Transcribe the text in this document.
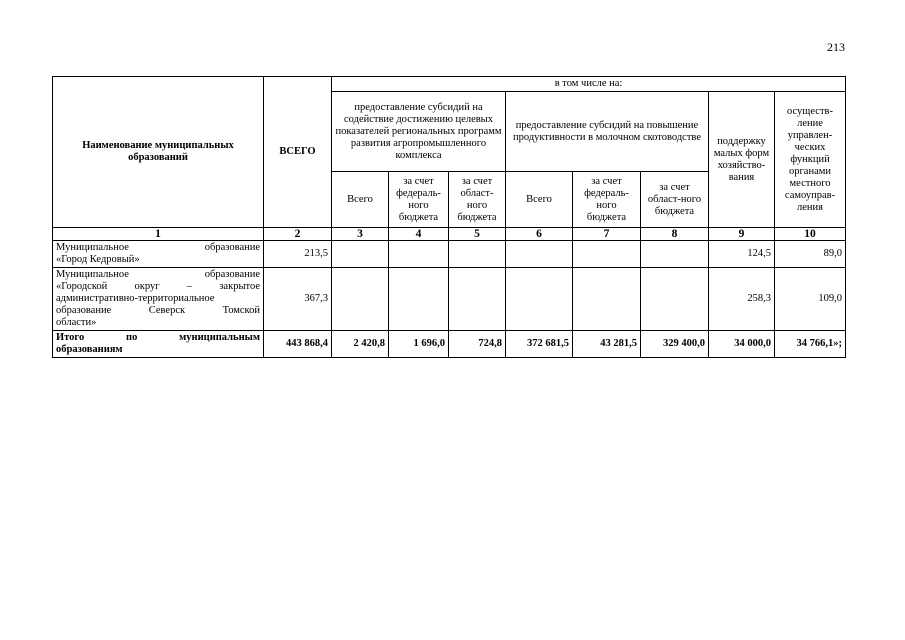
213
Наименование муниципальных образований	ВСЕГО	в том числе на:							
		предоставление субсидий на содействие достижению целевых показателей региональных программ развития агропромышленного комплекса			предоставление субсидий на повышение продуктивности в молочном скотоводстве			поддержку малых форм хозяйство-вания	осуществ-ление управлен-ческих функций органами местного самоуправ-ления
		Всего	за счет федераль-ного бюджета	за счет област-ного бюджета	Всего	за счет федераль-ного бюджета	за счет област-ного бюджета		
1	2	3	4	5	6	7	8	9	10

Муниципальное образование
«Город Кедровый»	213,5							124,5	89,0

Муниципальное образование
«Городской округ – закрытое
административно-территориальное
образование Северск Томской
области»	367,3							258,3	109,0

Итого по муниципальным
образованиям	443 868,4	2 420,8	1 696,0	724,8	372 681,5	43 281,5	329 400,0	34 000,0	34 766,1»;
